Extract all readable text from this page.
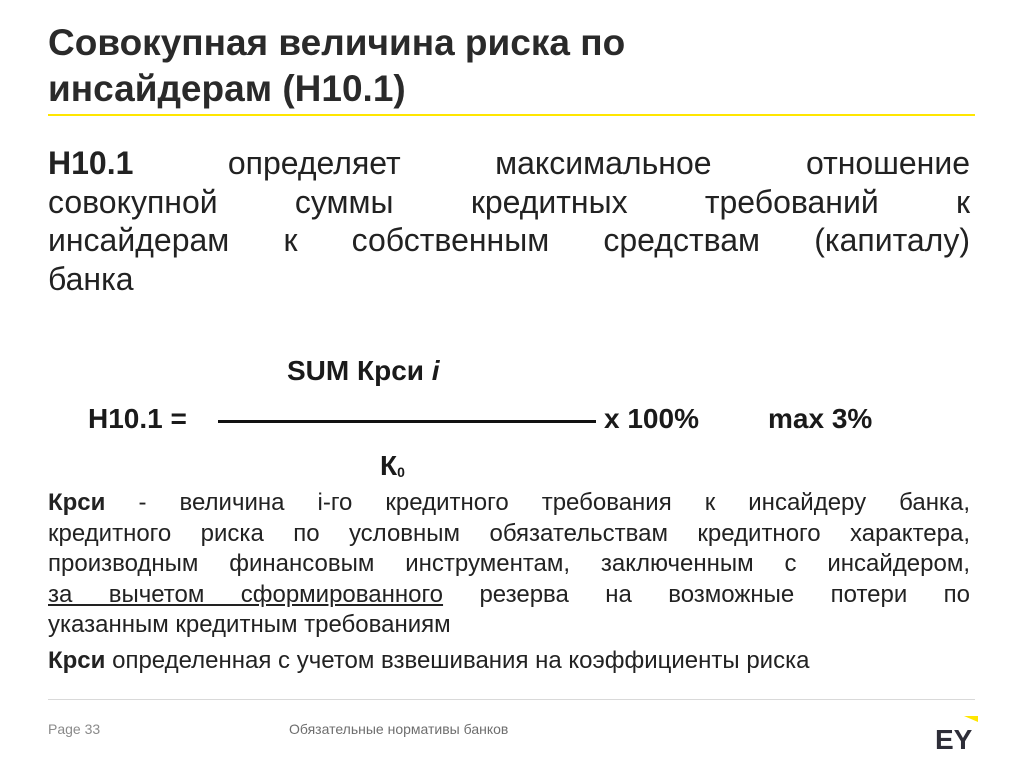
Совокупная величина риска по
инсайдерам (Н10.1)
Н10.1	определяет максимальное отношение
совокупной суммы кредитных требований к
инсайдерам к собственным средствам (капиталу)
банка
SUM Крси i
Н10.1 =	х 100% max 3%
$К_0$
Крси - величина i-го кредитного требования к инсайдеру банка,
кредитного риска по условным обязательствам кредитного характера,
производным финансовым инструментам, заключенным с инсайдером,
за вычетом сформированного резерва на возможные потери по
указанным кредитным требованиям
Крси определенная с учетом взвешивания на коэффициенты риска
Page 33	Обязательные нормативы банков	EY
